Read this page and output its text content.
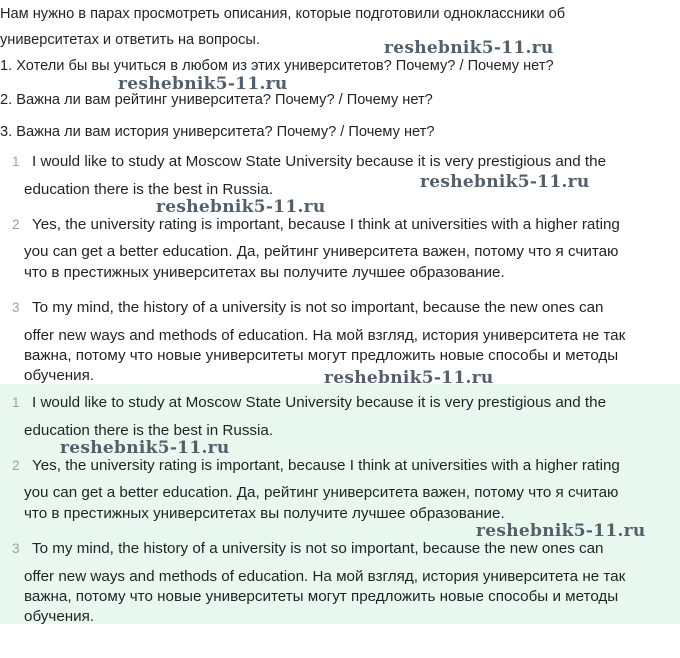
Нам нужно в парах просмотреть описания, которые подготовили одноклассники об
университетах и ответить на вопросы.
1. Хотели бы вы учиться в любом из этих университетов? Почему? / Почему нет?
2. Важна ли вам рейтинг университета? Почему? / Почему нет?
3. Важна ли вам история университета? Почему? / Почему нет?
1 I would like to study at Moscow State University because it is very prestigious and the
education there is the best in Russia.
2 Yes, the university rating is important, because I think at universities with a higher rating
you can get a better education. Да, рейтинг университета важен, потому что я считаю
что в престижных университетах вы получите лучшее образование.
3 To my mind, the history of a university is not so important, because the new ones can
offer new ways and methods of education. На мой взгляд, история университета не так
важна, потому что новые университеты могут предложить новые способы и методы
обучения.
1 I would like to study at Moscow State University because it is very prestigious and the
education there is the best in Russia.
2 Yes, the university rating is important, because I think at universities with a higher rating
you can get a better education. Да, рейтинг университета важен, потому что я считаю
что в престижных университетах вы получите лучшее образование.
3 To my mind, the history of a university is not so important, because the new ones can
offer new ways and methods of education. На мой взгляд, история университета не так
важна, потому что новые университеты могут предложить новые способы и методы
обучения.
reshebnik5-11.ru
reshebnik5-11.ru
reshebnik5-11.ru
reshebnik5-11.ru
reshebnik5-11.ru
reshebnik5-11.ru
reshebnik5-11.ru
